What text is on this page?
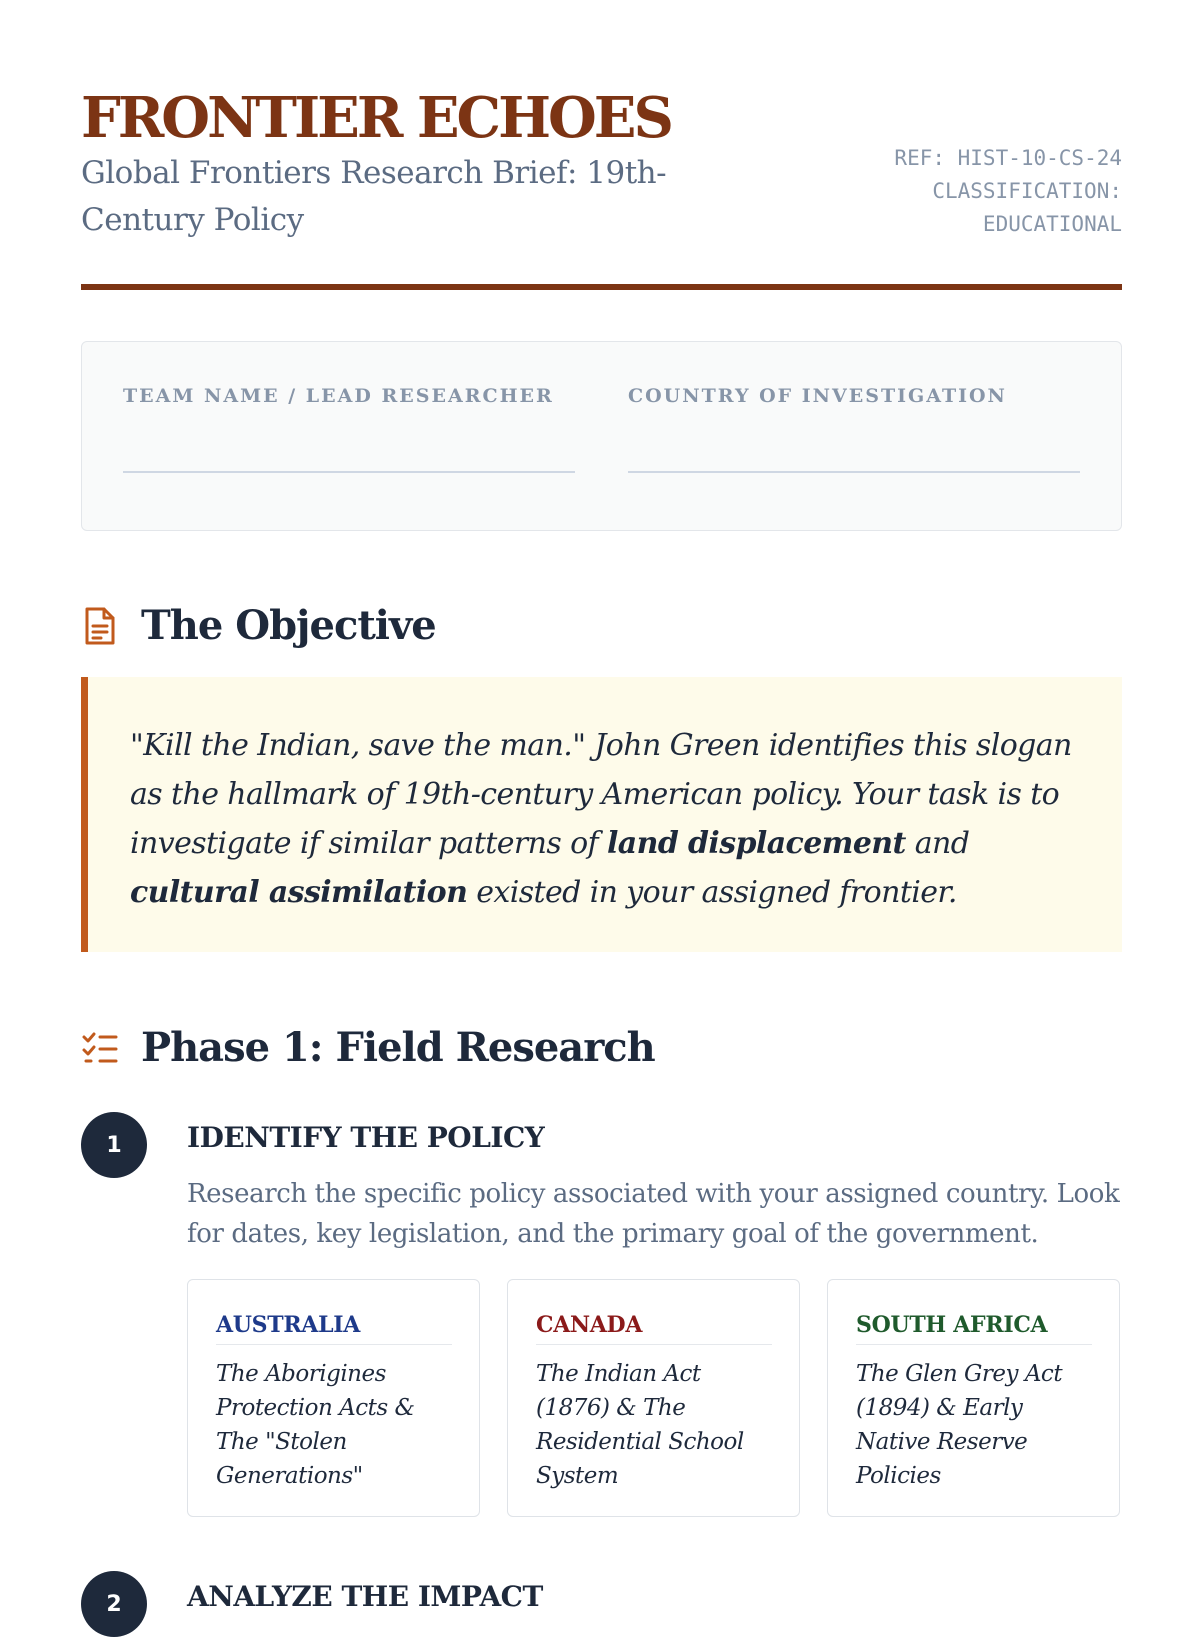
FRONTIER ECHOES
Global Frontiers Research Brief: 19th-Century Policy
REF: HIST-10-CS-24
CLASSIFICATION:
EDUCATIONAL
TEAM NAME / LEAD RESEARCHER	COUNTRY OF INVESTIGATION
The Objective

"Kill the Indian, save the man." John Green identifies this slogan as the hallmark of 19th-century American policy. Your task is to investigate if similar patterns of land displacement and cultural assimilation existed in your assigned frontier.

Phase 1: Field Research
1	IDENTIFY THE POLICY
Research the specific policy associated with your assigned country. Look for dates, key legislation, and the primary goal of the government.
AUSTRALIA
The Aborigines Protection Acts & The "Stolen Generations"
CANADA
The Indian Act (1876) & The Residential School System
SOUTH AFRICA
The Glen Grey Act (1894) & Early Native Reserve Policies
2	ANALYZE THE IMPACT
